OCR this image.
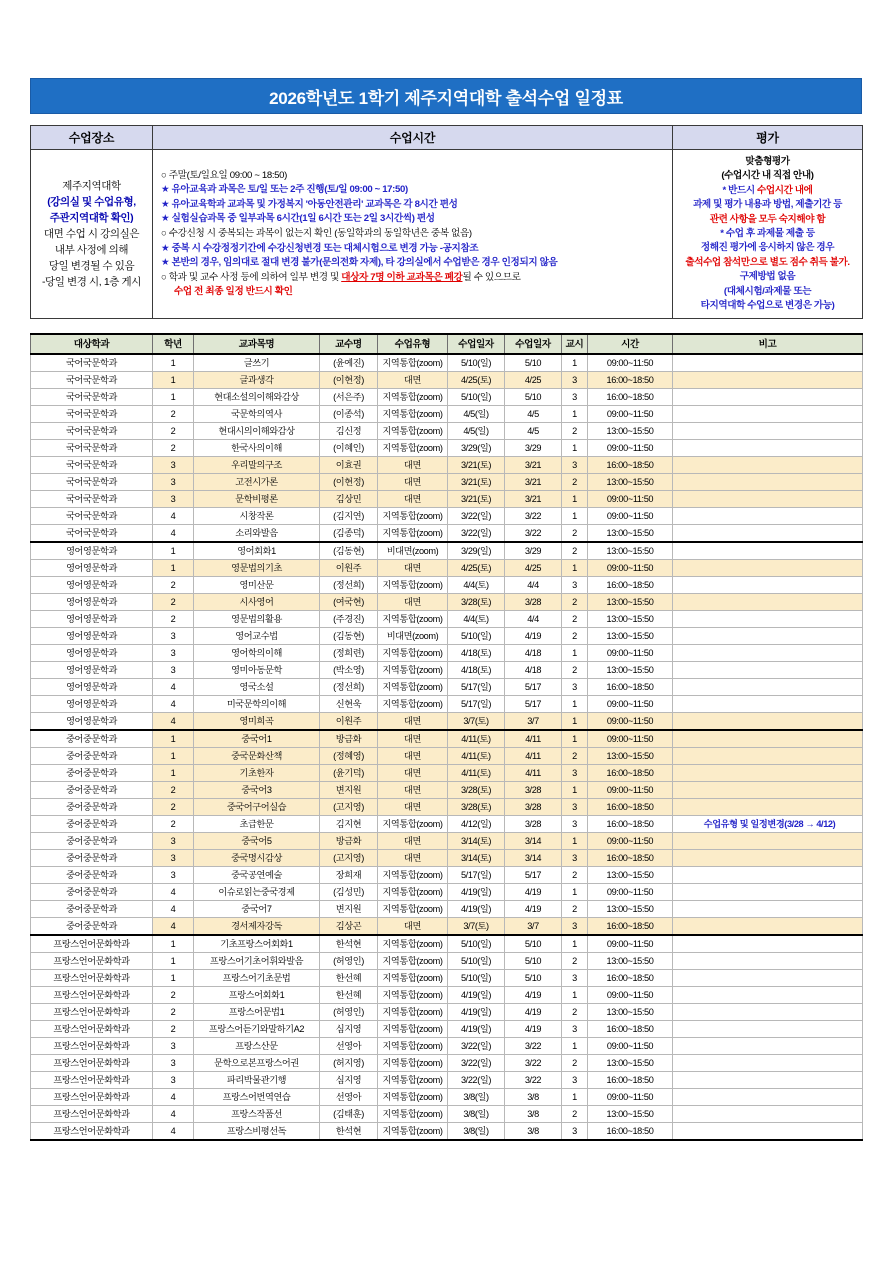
2026학년도 1학기 제주지역대학 출석수업 일정표
수업장소	수업시간	평가

제주지역대학
(강의실 및 수업유형,
주관지역대학 확인)
대면 수업 시 강의실은
내부 사정에 의해
당일 변경될 수 있음
-당일 변경 시, 1층 게시

○ 주말(토/일요일 09:00 ~ 18:50)
★ 유아교육과 과목은 토/일 또는 2주 진행(토/일 09:00 ~ 17:50)
★ 유아교육학과 교과목 및 가정복지 '아동안전관리' 교과목은 각 8시간 편성
★ 실험실습과목 중 일부과목 6시간(1일 6시간 또는 2일 3시간씩) 편성
○ 수강신청 시 중복되는 과목이 없는지 확인 (동일학과의 동일학년은 중복 없음)
★ 중복 시 수강정정기간에 수강신청변경 또는 대체시험으로 변경 가능 -공지참조
★ 본반의 경우, 임의대로 절대 변경 불가(문의전화 자제), 타 강의실에서 수업받은 경우 인정되지 않음
○ 학과 및 교수 사정 등에 의하여 일부 변경 및 대상자 7명 이하 교과목은 폐강될 수 있으므로
수업 전 최종 일정 반드시 확인

맞춤형평가
(수업시간 내 직접 안내)
* 반드시 수업시간 내에
과제 및 평가 내용과 방법, 제출기간 등
관련 사항을 모두 숙지해야 함
* 수업 후 과제물 제출 등
정해진 평가에 응시하지 않은 경우
출석수업 참석만으로 별도 점수 취득 불가.
구제방법 없음
(대체시험/과제물 또는
타지역대학 수업으로 변경은 가능)
대상학과	학년	교과목명	교수명	수업유형	수업일자	수업일자	교시	시간	비고
국어국문학과	1	글쓰기	(윤예진)	지역통합(zoom)	5/10(일)	5/10	1	09:00~11:50	
국어국문학과	1	글과생각	(이현정)	대면	4/25(토)	4/25	3	16:00~18:50	
국어국문학과	1	현대소설의이해와감상	(서은주)	지역통합(zoom)	5/10(일)	5/10	3	16:00~18:50	
국어국문학과	2	국문학의역사	(이종석)	지역통합(zoom)	4/5(일)	4/5	1	09:00~11:50	
국어국문학과	2	현대시의이해와감상	김신정	지역통합(zoom)	4/5(일)	4/5	2	13:00~15:50	
국어국문학과	2	한국사의이해	(이혜인)	지역통합(zoom)	3/29(일)	3/29	1	09:00~11:50	
국어국문학과	3	우리말의구조	이효권	대면	3/21(토)	3/21	3	16:00~18:50	
국어국문학과	3	고전시가론	(이현정)	대면	3/21(토)	3/21	2	13:00~15:50	
국어국문학과	3	문학비평론	김상민	대면	3/21(토)	3/21	1	09:00~11:50	
국어국문학과	4	시창작론	(김지연)	지역통합(zoom)	3/22(일)	3/22	1	09:00~11:50	
국어국문학과	4	소리와발음	(김종덕)	지역통합(zoom)	3/22(일)	3/22	2	13:00~15:50	
영어영문학과	1	영어회화1	(김동현)	비대면(zoom)	3/29(일)	3/29	2	13:00~15:50	
영어영문학과	1	영문법의기초	이원주	대면	4/25(토)	4/25	1	09:00~11:50	
영어영문학과	2	영미산문	(정선희)	지역통합(zoom)	4/4(토)	4/4	3	16:00~18:50	
영어영문학과	2	시사영어	(여국현)	대면	3/28(토)	3/28	2	13:00~15:50	
영어영문학과	2	영문법의활용	(주경진)	지역통합(zoom)	4/4(토)	4/4	2	13:00~15:50	
영어영문학과	3	영어교수법	(김동현)	비대면(zoom)	5/10(일)	4/19	2	13:00~15:50	
영어영문학과	3	영어학의이해	(정희련)	지역통합(zoom)	4/18(토)	4/18	1	09:00~11:50	
영어영문학과	3	영미아동문학	(박소영)	지역통합(zoom)	4/18(토)	4/18	2	13:00~15:50	
영어영문학과	4	영국소설	(정선희)	지역통합(zoom)	5/17(일)	5/17	3	16:00~18:50	
영어영문학과	4	미국문학의이해	신현욱	지역통합(zoom)	5/17(일)	5/17	1	09:00~11:50	
영어영문학과	4	영미희곡	이원주	대면	3/7(토)	3/7	1	09:00~11:50	
중어중문학과	1	중국어1	방금화	대면	4/11(토)	4/11	1	09:00~11:50	
중어중문학과	1	중국문화산책	(정혜영)	대면	4/11(토)	4/11	2	13:00~15:50	
중어중문학과	1	기초한자	(윤기덕)	대면	4/11(토)	4/11	3	16:00~18:50	
중어중문학과	2	중국어3	변지원	대면	3/28(토)	3/28	1	09:00~11:50	
중어중문학과	2	중국어구어실습	(고지영)	대면	3/28(토)	3/28	3	16:00~18:50	
중어중문학과	2	초급한문	김지현	지역통합(zoom)	4/12(일)	3/28	3	16:00~18:50	수업유형 및 일정변경(3/28 → 4/12)
중어중문학과	3	중국어5	방금화	대면	3/14(토)	3/14	1	09:00~11:50	
중어중문학과	3	중국명시감상	(고지영)	대면	3/14(토)	3/14	3	16:00~18:50	
중어중문학과	3	중국공연예술	장희재	지역통합(zoom)	5/17(일)	5/17	2	13:00~15:50	
중어중문학과	4	이슈로읽는중국경제	(김성민)	지역통합(zoom)	4/19(일)	4/19	1	09:00~11:50	
중어중문학과	4	중국어7	변지원	지역통합(zoom)	4/19(일)	4/19	2	13:00~15:50	
중어중문학과	4	경서제자강독	김상곤	대면	3/7(토)	3/7	3	16:00~18:50	
프랑스언어문화학과	1	기초프랑스어회화1	한석현	지역통합(zoom)	5/10(일)	5/10	1	09:00~11:50	
프랑스언어문화학과	1	프랑스어기초어휘와발음	(허영인)	지역통합(zoom)	5/10(일)	5/10	2	13:00~15:50	
프랑스언어문화학과	1	프랑스어기초문법	한선혜	지역통합(zoom)	5/10(일)	5/10	3	16:00~18:50	
프랑스언어문화학과	2	프랑스어회화1	한선혜	지역통합(zoom)	4/19(일)	4/19	1	09:00~11:50	
프랑스언어문화학과	2	프랑스어문법1	(허영인)	지역통합(zoom)	4/19(일)	4/19	2	13:00~15:50	
프랑스언어문화학과	2	프랑스어듣기와말하기A2	심지영	지역통합(zoom)	4/19(일)	4/19	3	16:00~18:50	
프랑스언어문화학과	3	프랑스산문	선영아	지역통합(zoom)	3/22(일)	3/22	1	09:00~11:50	
프랑스언어문화학과	3	문학으로본프랑스어권	(허지영)	지역통합(zoom)	3/22(일)	3/22	2	13:00~15:50	
프랑스언어문화학과	3	파리박물관기행	심지영	지역통합(zoom)	3/22(일)	3/22	3	16:00~18:50	
프랑스언어문화학과	4	프랑스어번역연습	선영아	지역통합(zoom)	3/8(일)	3/8	1	09:00~11:50	
프랑스언어문화학과	4	프랑스작품선	(김태훈)	지역통합(zoom)	3/8(일)	3/8	2	13:00~15:50	
프랑스언어문화학과	4	프랑스비평선독	한석현	지역통합(zoom)	3/8(일)	3/8	3	16:00~18:50	
